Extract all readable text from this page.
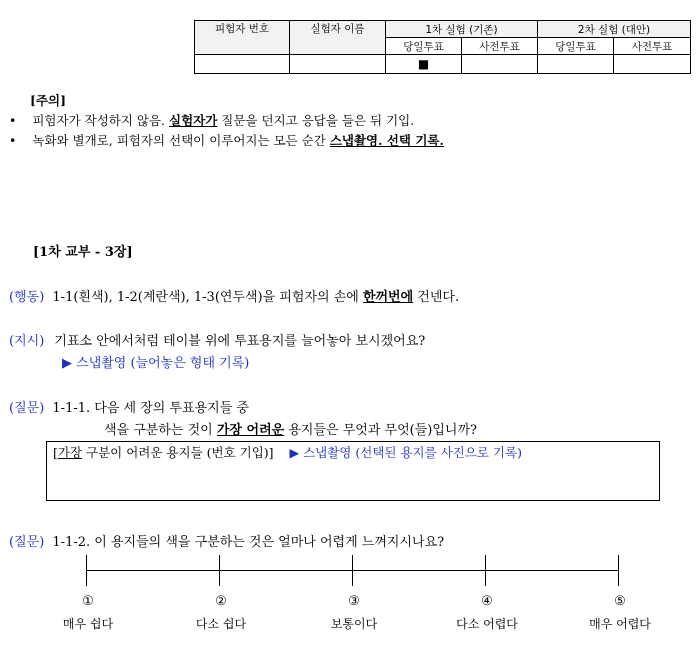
피험자 번호	실험자 이름	1차 실험 (기존)		2차 실험 (대안)	
		당일투표	사전투표	당일투표	사전투표
		■			
[주의]
• 피험자가 작성하지 않음. 실험자가 질문을 던지고 응답을 들은 뒤 기입.
• 녹화와 별개로, 피험자의 선택이 이루어지는 모든 순간 스냅촬영. 선택 기록.
[1차 교부 - 3장]
(행동) 1-1(흰색), 1-2(계란색), 1-3(연두색)을 피험자의 손에 한꺼번에 건넨다.
(지시) 기표소 안에서처럼 테이블 위에 투표용지를 늘어놓아 보시겠어요?
▶ 스냅촬영 (늘어놓은 형태 기록)
(질문) 1-1-1. 다음 세 장의 투표용지들 중
색을 구분하는 것이 가장 어려운 용지들은 무엇과 무엇(들)입니까?
[가장 구분이 어려운 용지들 (번호 기입)] ▶ 스냅촬영 (선택된 용지를 사진으로 기록)
(질문) 1-1-2. 이 용지들의 색을 구분하는 것은 얼마나 어렵게 느껴지시나요?
①	②	③	④	⑤
매우 쉽다	다소 쉽다	보통이다	다소 어렵다	매우 어렵다
